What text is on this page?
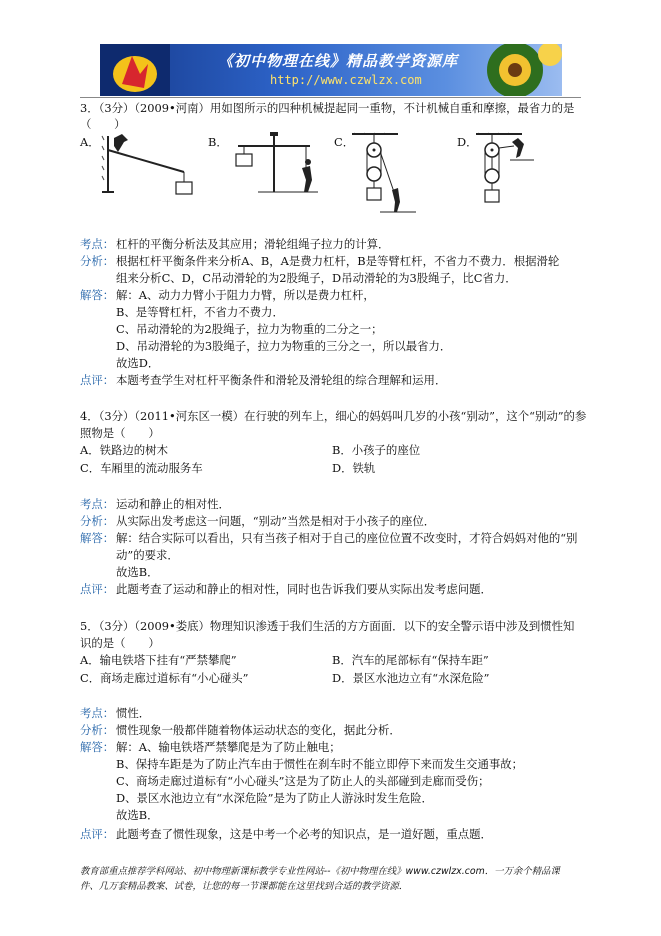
《初中物理在线》精品教学资源库
http://www.czwlzx.com
3．（3分）（2009•河南）用如图所示的四种机械提起同一重物，不计机械自重和摩擦，最省力的是
（　　）
A．	B．	C．	D．
考点： 杠杆的平衡分析法及其应用；滑轮组绳子拉力的计算．
分析： 根据杠杆平衡条件来分析A、B，A是费力杠杆，B是等臂杠杆，不省力不费力．根据滑轮
组来分析C、D，C吊动滑轮的为2股绳子，D吊动滑轮的为3股绳子，比C省力．
解答： 解：A、动力力臂小于阻力力臂，所以是费力杠杆，
B、是等臂杠杆，不省力不费力．
C、吊动滑轮的为2股绳子，拉力为物重的二分之一；
D、吊动滑轮的为3股绳子，拉力为物重的三分之一，所以最省力．
故选D．
点评： 本题考查学生对杠杆平衡条件和滑轮及滑轮组的综合理解和运用．
4．（3分）（2011•河东区一模）在行驶的列车上，细心的妈妈叫几岁的小孩“别动”，这个“别动”的参
照物是（　　）
A．铁路边的树木	B．小孩子的座位
C．车厢里的流动服务车	D．铁轨
考点： 运动和静止的相对性．
分析： 从实际出发考虑这一问题，“别动”当然是相对于小孩子的座位．
解答： 解：结合实际可以看出，只有当孩子相对于自己的座位位置不改变时，才符合妈妈对他的“别
动”的要求．
故选B．
点评： 此题考查了运动和静止的相对性，同时也告诉我们要从实际出发考虑问题．
5．（3分）（2009•娄底）物理知识渗透于我们生活的方方面面．以下的安全警示语中涉及到惯性知
识的是（　　）
A．输电铁塔下挂有“严禁攀爬”	B．汽车的尾部标有“保持车距”
C．商场走廊过道标有“小心碰头”	D．景区水池边立有“水深危险”
考点： 惯性．
分析： 惯性现象一般都伴随着物体运动状态的变化，据此分析．
解答： 解：A、输电铁塔严禁攀爬是为了防止触电；
B、保持车距是为了防止汽车由于惯性在刹车时不能立即停下来而发生交通事故；
C、商场走廊过道标有“小心碰头”这是为了防止人的头部碰到走廊而受伤；
D、景区水池边立有“水深危险”是为了防止人游泳时发生危险．
故选B．
点评： 此题考查了惯性现象，这是中考一个必考的知识点，是一道好题，重点题．
教育部重点推荐学科网站、初中物理新课标教学专业性网站--《初中物理在线》www.czwlzx.com．一万余个精品课
件、几万套精品教案、试卷，让您的每一节课都能在这里找到合适的教学资源．
